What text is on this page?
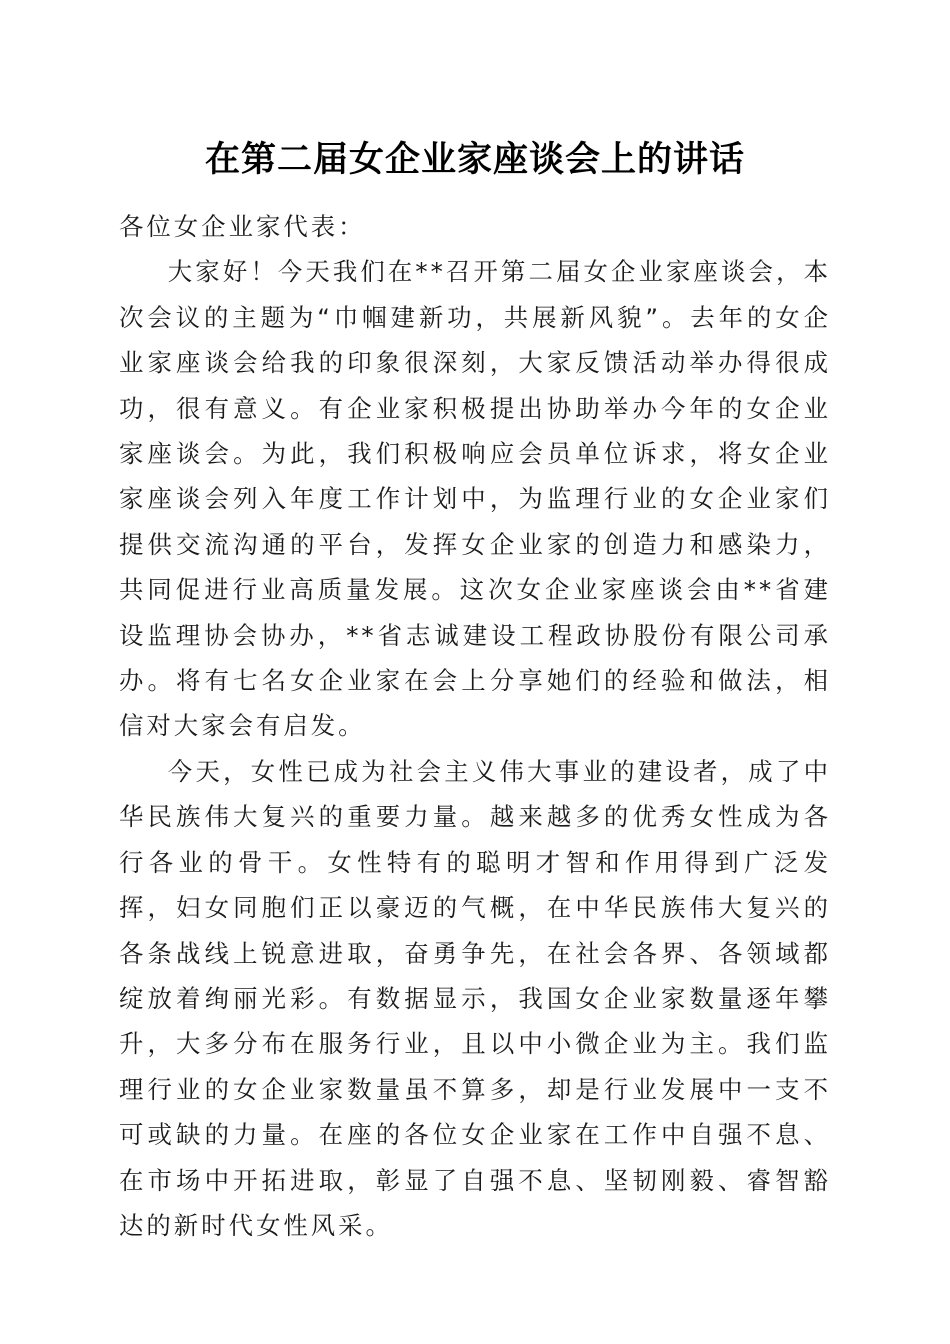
在第二届女企业家座谈会上的讲话

各位女企业家代表：

大家好！今天我们在**召开第二届女企业家座谈会，本次会议的主题为“巾帼建新功，共展新风貌”。去年的女企业家座谈会给我的印象很深刻，大家反馈活动举办得很成功，很有意义。有企业家积极提出协助举办今年的女企业家座谈会。为此，我们积极响应会员单位诉求，将女企业家座谈会列入年度工作计划中，为监理行业的女企业家们提供交流沟通的平台，发挥女企业家的创造力和感染力，共同促进行业高质量发展。这次女企业家座谈会由**省建设监理协会协办，**省志诚建设工程政协股份有限公司承办。将有七名女企业家在会上分享她们的经验和做法，相信对大家会有启发。

今天，女性已成为社会主义伟大事业的建设者，成了中华民族伟大复兴的重要力量。越来越多的优秀女性成为各行各业的骨干。女性特有的聪明才智和作用得到广泛发挥，妇女同胞们正以豪迈的气概，在中华民族伟大复兴的各条战线上锐意进取，奋勇争先，在社会各界、各领域都绽放着绚丽光彩。有数据显示，我国女企业家数量逐年攀升，大多分布在服务行业，且以中小微企业为主。我们监理行业的女企业家数量虽不算多，却是行业发展中一支不可或缺的力量。在座的各位女企业家在工作中自强不息、在市场中开拓进取，彰显了自强不息、坚韧刚毅、睿智豁达的新时代女性风采。
